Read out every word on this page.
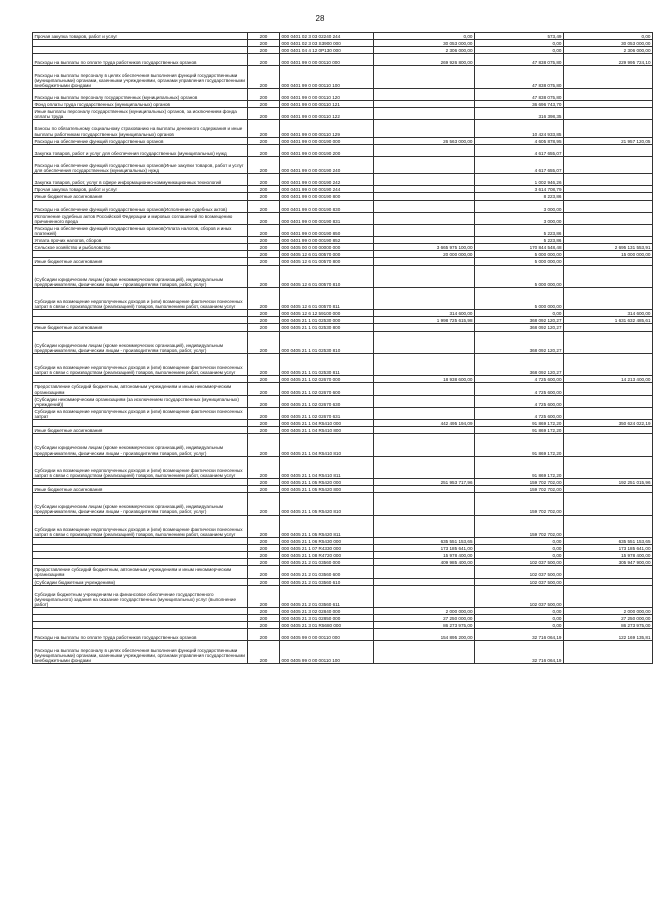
28
Прочая закупка товаров, работ и услуг	200	000 0401 02 3 03 02240 244	0,00	573,49	0,00
	200	000 0401 02 3 03 S3900 000	30 053 000,00	0,00	30 053 000,00
	200	000 0401 04 4 12 0Р130 000	2 306 000,00	0,00	2 306 000,00
Расходы на выплаты по оплате труда работников государственных органов	200	000 0401 99 0 00 00110 000	269 926 800,00	47 838 075,80	229 995 724,10
Расходы на выплаты персоналу в целях обеспечения выполнения функций государственными (муниципальными) органами, казенными учреждениями, органами управления государственными внебюджетными фондами	200	000 0401 99 0 00 00110 100		47 838 075,80	
Расходы на выплаты персоналу государственных (муниципальных) органов	200	000 0401 99 0 00 00110 120		47 838 075,80	
Фонд оплаты труда государственных (муниципальных) органов	200	000 0401 99 0 00 00110 121		36 696 743,70	
Иные выплаты персоналу государственных (муниципальных) органов, за исключением фонда оплаты труда	200	000 0401 99 0 00 00110 122		316 398,35	
Взносы по обязательному социальному страхованию на выплаты денежного содержания и иные выплаты работникам государственных (муниципальных) органов	200	000 0401 99 0 00 00110 129		10 424 933,85	
Расходы на обеспечение функций государственных органов	200	000 0401 99 0 00 00190 000	26 563 000,00	4 605 878,95	21 957 120,05
Закупка товаров, работ и услуг для обеспечения государственных (муниципальных) нужд	200	000 0401 99 0 00 00190 200		4 617 655,07	
Расходы на обеспечение функций государственных органов(Иные закупки товаров, работ и услуг для обеспечения государственных (муниципальных) нужд	200	000 0401 99 0 00 00190 240		4 617 655,07	
Закупка товаров, работ, услуг в сфере информационно-коммуникационных технологий	200	000 0401 99 0 00 00190 242		1 002 946,26	
Прочая закупка товаров, работ и услуг	200	000 0401 99 0 00 00190 244		3 614 708,79	
Иные бюджетные ассигнования	200	000 0401 99 0 00 00190 800		8 223,86	
Расходы на обеспечение функций государственных органов(Исполнение судебных актов)	200	000 0401 99 0 00 00190 830		3 000,00	
Исполнение судебных актов Российской Федерации и мировых соглашений по возмещению причиненного вреда	200	000 0401 99 0 00 00190 831		3 000,00	
Расходы на обеспечение функций государственных органов(Уплата налогов, сборов и иных платежей)	200	000 0401 99 0 00 00190 850		5 223,86	
Уплата прочих налогов, сборов	200	000 0401 99 0 00 00190 852		5 223,86	
Сельское хозяйство и рыболовство	200	000 0405 00 0 00 00000 000	3 665 975 100,00	170 844 548,48	2 695 131 553,91
	200	000 0405 12 6 01 00570 000	20 000 000,00	5 000 000,00	15 000 000,00
Иные бюджетные ассигнования	200	000 0405 12 6 01 00570 800		5 000 000,00	
(Субсидии юридическим лицам (кроме некоммерческих организаций), индивидуальным предпринимателям, физическим лицам - производителям товаров, работ, услуг)	200	000 0405 12 6 01 00570 810		5 000 000,00	
Субсидии на возмещение недополученных доходов и (или) возмещение фактически понесенных затрат в связи с производством (реализацией) товаров, выполнением работ, оказанием услуг	200	000 0405 12 6 01 00570 811		5 000 000,00	
	200	000 0405 12 6 12 59100 000	314 600,00	0,00	314 600,00
	200	000 0405 21 1 01 02530 000	1 998 725 615,98	368 092 120,27	1 631 632 485,61
Иные бюджетные ассигнования	200	000 0405 21 1 01 02530 800		368 092 120,27	
(Субсидии юридическим лицам (кроме некоммерческих организаций), индивидуальным предпринимателям, физическим лицам - производителям товаров, работ, услуг)	200	000 0405 21 1 01 02530 810		368 092 120,27	
Субсидии на возмещение недополученных доходов и (или) возмещение фактически понесенных затрат в связи с производством (реализацией) товаров, выполнением работ, оказанием услуг	200	000 0405 21 1 01 02530 811		368 092 120,27	
	200	000 0405 21 1 02 02670 000	18 938 600,00	4 725 600,00	14 213 400,00
Предоставление субсидий бюджетным, автономным учреждениям и иным некоммерческим организациям	200	000 0405 21 1 02 02670 600		4 725 600,00	
(Субсидии некоммерческим организациям (за исключением государственных (муниципальных) учреждений))	200	000 0405 21 1 02 02670 630		4 725 600,00	
Субсидии на возмещение недополученных доходов и (или) возмещение фактически понесенных затрат	200	000 0405 21 1 02 02670 631		4 725 600,00	
	200	000 0405 21 1 04 R5410 000	442 495 194,09	91 869 172,20	350 624 022,19
Иные бюджетные ассигнования	200	000 0405 21 1 04 R5410 800		91 869 172,20	
(Субсидии юридическим лицам (кроме некоммерческих организаций), индивидуальным предпринимателям, физическим лицам - производителям товаров, работ, услуг)	200	000 0405 21 1 04 R5410 810		91 869 172,20	
Субсидии на возмещение недополученных доходов и (или) возмещение фактически понесенных затрат в связи с производством (реализацией) товаров, выполнением работ, оказанием услуг	200	000 0405 21 1 04 R5410 811		91 869 172,20	
	200	000 0405 21 1 05 R5420 000	251 953 717,96	159 702 702,00	192 251 015,96
Иные бюджетные ассигнования	200	000 0405 21 1 05 R5420 800		159 702 702,00	
(Субсидии юридическим лицам (кроме некоммерческих организаций), индивидуальным предпринимателям, физическим лицам - производителям товаров, работ, услуг)	200	000 0405 21 1 05 R5420 810		159 702 702,00	
Субсидии на возмещение недополученных доходов и (или) возмещение фактически понесенных затрат в связи с производством (реализацией) товаров, выполнением работ, оказанием услуг	200	000 0405 21 1 05 R5420 811		159 702 702,00	
	200	000 0405 21 1 06 R5430 000	635 551 153,65	0,00	635 551 153,65
	200	000 0405 21 1 07 R4330 000	173 185 641,00	0,00	173 185 641,00
	200	000 0405 21 1 08 R4720 000	15 978 400,00	0,00	15 978 400,00
	200	000 0405 21 2 01 03560 000	409 985 400,00	102 037 500,00	305 947 900,00
Предоставление субсидий бюджетным, автономным учреждениям и иным некоммерческим организациям	200	000 0405 21 2 01 03560 600		102 037 500,00	
(Субсидии бюджетным учреждениям)	200	000 0405 21 2 01 03560 610		102 037 500,00	
Субсидии бюджетным учреждениям на финансовое обеспечение государственного (муниципального) задания на оказание государственных (муниципальных) услуг (выполнение работ)	200	000 0405 21 2 01 03560 611		102 037 500,00	
	200	000 0405 21 3 02 02840 000	2 000 000,00	0,00	2 000 000,00
	200	000 0405 21 3 01 02850 000	27 250 000,00	0,00	27 250 000,00
	200	000 0405 21 3 01 R5680 000	86 273 975,00	0,00	86 273 975,00
Расходы на выплаты по оплате труда работников государственных органов	200	000 0405 99 0 00 00110 000	154 895 200,00	32 716 064,19	122 169 135,81
Расходы на выплаты персоналу в целях обеспечения выполнения функций государственными (муниципальными) органами, казенными учреждениями, органами управления государственными внебюджетными фондами	200	000 0405 99 0 00 00110 100		32 716 064,19	
